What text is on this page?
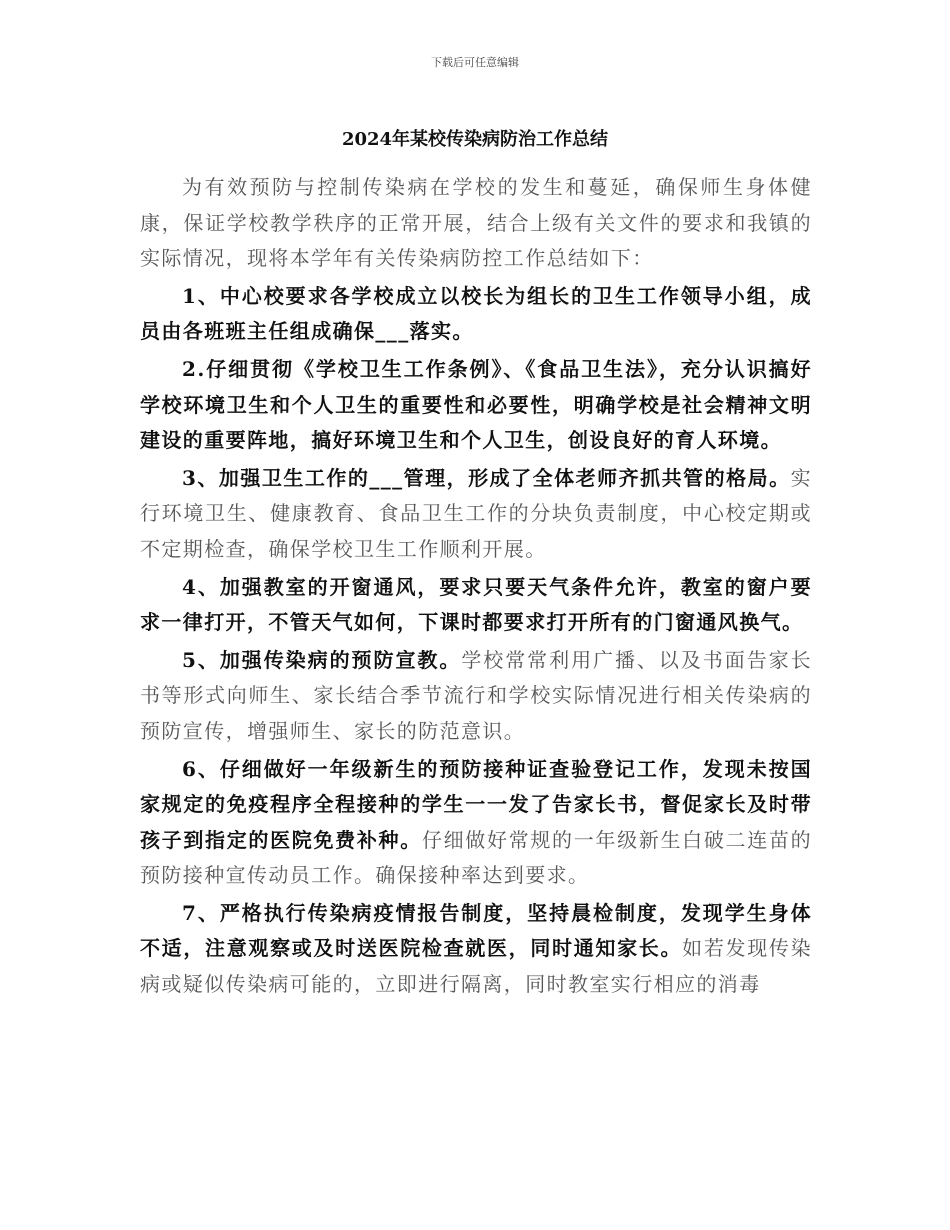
下载后可任意编辑
2024年某校传染病防治工作总结

为有效预防与控制传染病在学校的发生和蔓延，确保师生身体健康，保证学校教学秩序的正常开展，结合上级有关文件的要求和我镇的实际情况，现将本学年有关传染病防控工作总结如下：

1、中心校要求各学校成立以校长为组长的卫生工作领导小组，成员由各班班主任组成确保___落实。

2.仔细贯彻《学校卫生工作条例》、《食品卫生法》，充分认识搞好学校环境卫生和个人卫生的重要性和必要性，明确学校是社会精神文明建设的重要阵地，搞好环境卫生和个人卫生，创设良好的育人环境。

3、加强卫生工作的___管理，形成了全体老师齐抓共管的格局。实行环境卫生、健康教育、食品卫生工作的分块负责制度，中心校定期或不定期检查，确保学校卫生工作顺利开展。

4、加强教室的开窗通风，要求只要天气条件允许，教室的窗户要求一律打开，不管天气如何，下课时都要求打开所有的门窗通风换气。

5、加强传染病的预防宣教。学校常常利用广播、以及书面告家长书等形式向师生、家长结合季节流行和学校实际情况进行相关传染病的预防宣传，增强师生、家长的防范意识。

6、仔细做好一年级新生的预防接种证查验登记工作，发现未按国家规定的免疫程序全程接种的学生一一发了告家长书，督促家长及时带孩子到指定的医院免费补种。仔细做好常规的一年级新生白破二连苗的预防接种宣传动员工作。确保接种率达到要求。

7、严格执行传染病疫情报告制度，坚持晨检制度，发现学生身体不适，注意观察或及时送医院检查就医，同时通知家长。如若发现传染病或疑似传染病可能的，立即进行隔离，同时教室实行相应的消毒
